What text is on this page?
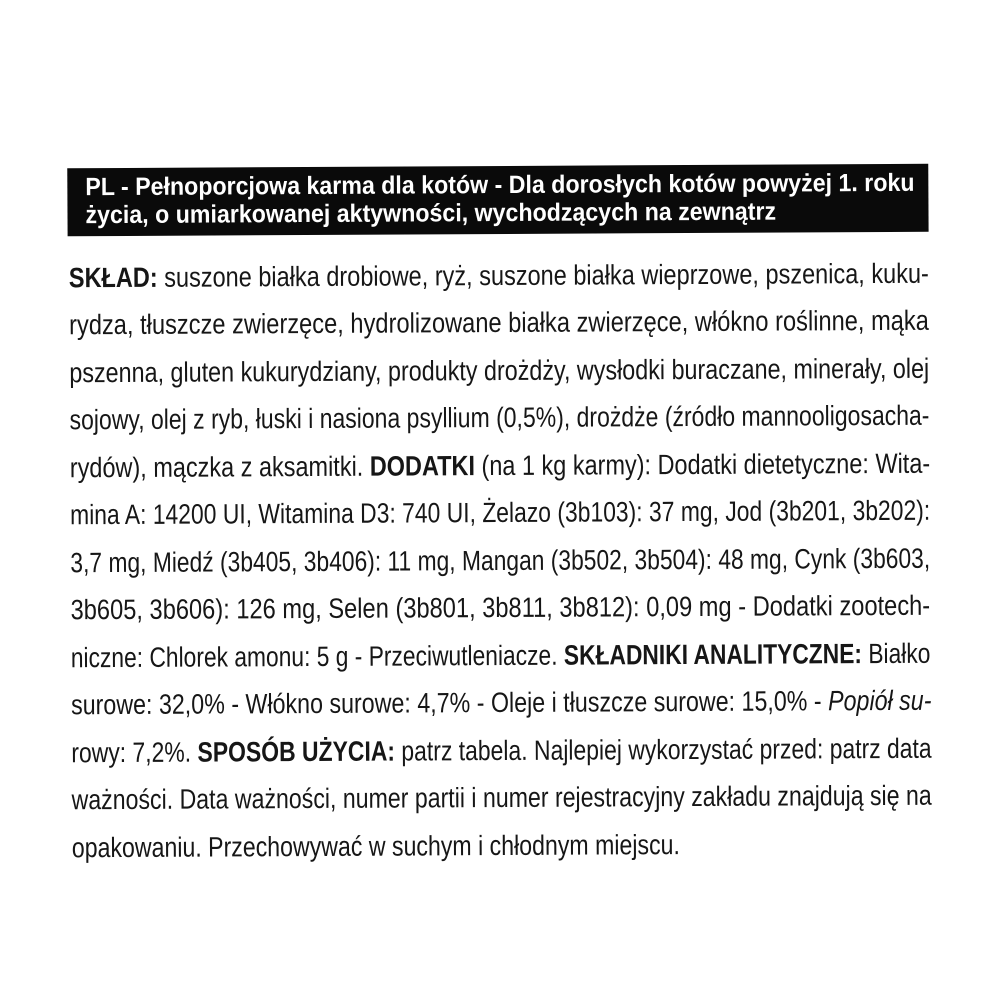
PL - Pełnoporcjowa karma dla kotów - Dla dorosłych kotów powyżej 1. roku
życia, o umiarkowanej aktywności, wychodzących na zewnątrz
SKŁAD: suszone białka drobiowe, ryż, suszone białka wieprzowe, pszenica, kuku-
rydza, tłuszcze zwierzęce, hydrolizowane białka zwierzęce, włókno roślinne, mąka
pszenna, gluten kukurydziany, produkty drożdży, wysłodki buraczane, minerały, olej
sojowy, olej z ryb, łuski i nasiona psyllium (0,5%), drożdże (źródło mannooligosacha-
rydów), mączka z aksamitki. DODATKI (na 1 kg karmy): Dodatki dietetyczne: Wita-
mina A: 14200 UI, Witamina D3: 740 UI, Żelazo (3b103): 37 mg, Jod (3b201, 3b202):
3,7 mg, Miedź (3b405, 3b406): 11 mg, Mangan (3b502, 3b504): 48 mg, Cynk (3b603,
3b605, 3b606): 126 mg, Selen (3b801, 3b811, 3b812): 0,09 mg - Dodatki zootech-
niczne: Chlorek amonu: 5 g - Przeciwutleniacze. SKŁADNIKI ANALITYCZNE: Białko
surowe: 32,0% - Włókno surowe: 4,7% - Oleje i tłuszcze surowe: 15,0% - Popiół su-
rowy: 7,2%. SPOSÓB UŻYCIA: patrz tabela. Najlepiej wykorzystać przed: patrz data
ważności. Data ważności, numer partii i numer rejestracyjny zakładu znajdują się na
opakowaniu. Przechowywać w suchym i chłodnym miejscu.
